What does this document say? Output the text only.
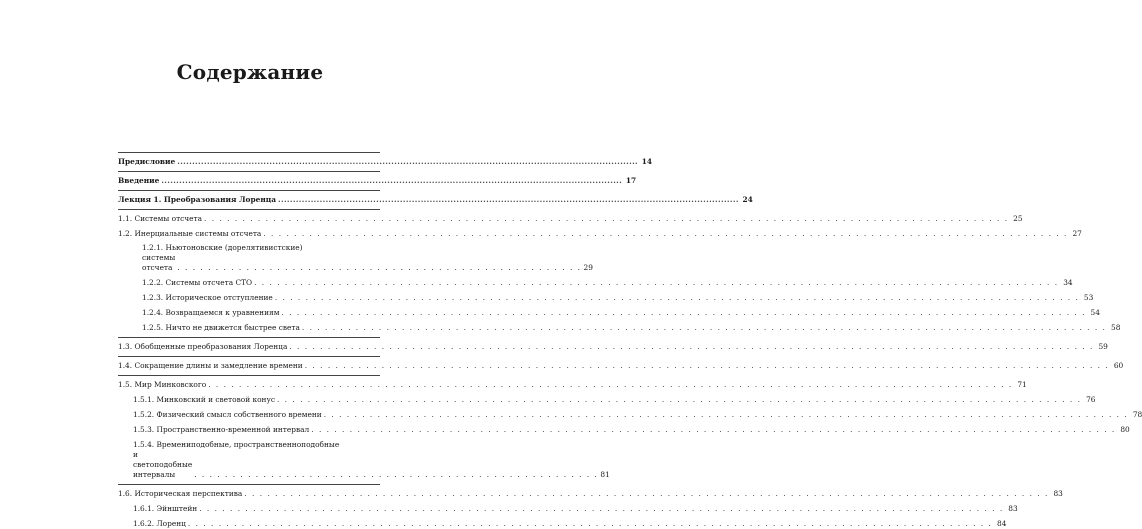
Содержание
Предисловие .....	14
Введение .....	17
Лекция 1. Преобразования Лоренца .....	24
1.1. Системы отсчета . . .	25
1.2. Инерциальные системы отсчета . . .	27
1.2.1. Ньютоновские (дорелятивистские)
системы отсчета . . .	29
1.2.2. Системы отсчета СТО . . .	34
1.2.3. Историческое отступление . . .	53
1.2.4. Возвращаемся к уравнениям . . .	54
1.2.5. Ничто не движется быстрее света . . .	58
1.3. Обобщенные преобразования Лоренца . . .	59
1.4. Сокращение длины и замедление времени . . .	60
1.5. Мир Минковского . . .	71
1.5.1. Минковский и световой конус . . .	76
1.5.2. Физический смысл собственного времени . . .	78
1.5.3. Пространственно-временной интервал . . .	80
1.5.4. Времениподобные, пространственноподобные
и светоподобные интервалы . . .	81
1.6. Историческая перспектива . . .	83
1.6.1. Эйнштейн . . .	83
1.6.2. Лоренц . . .	84
